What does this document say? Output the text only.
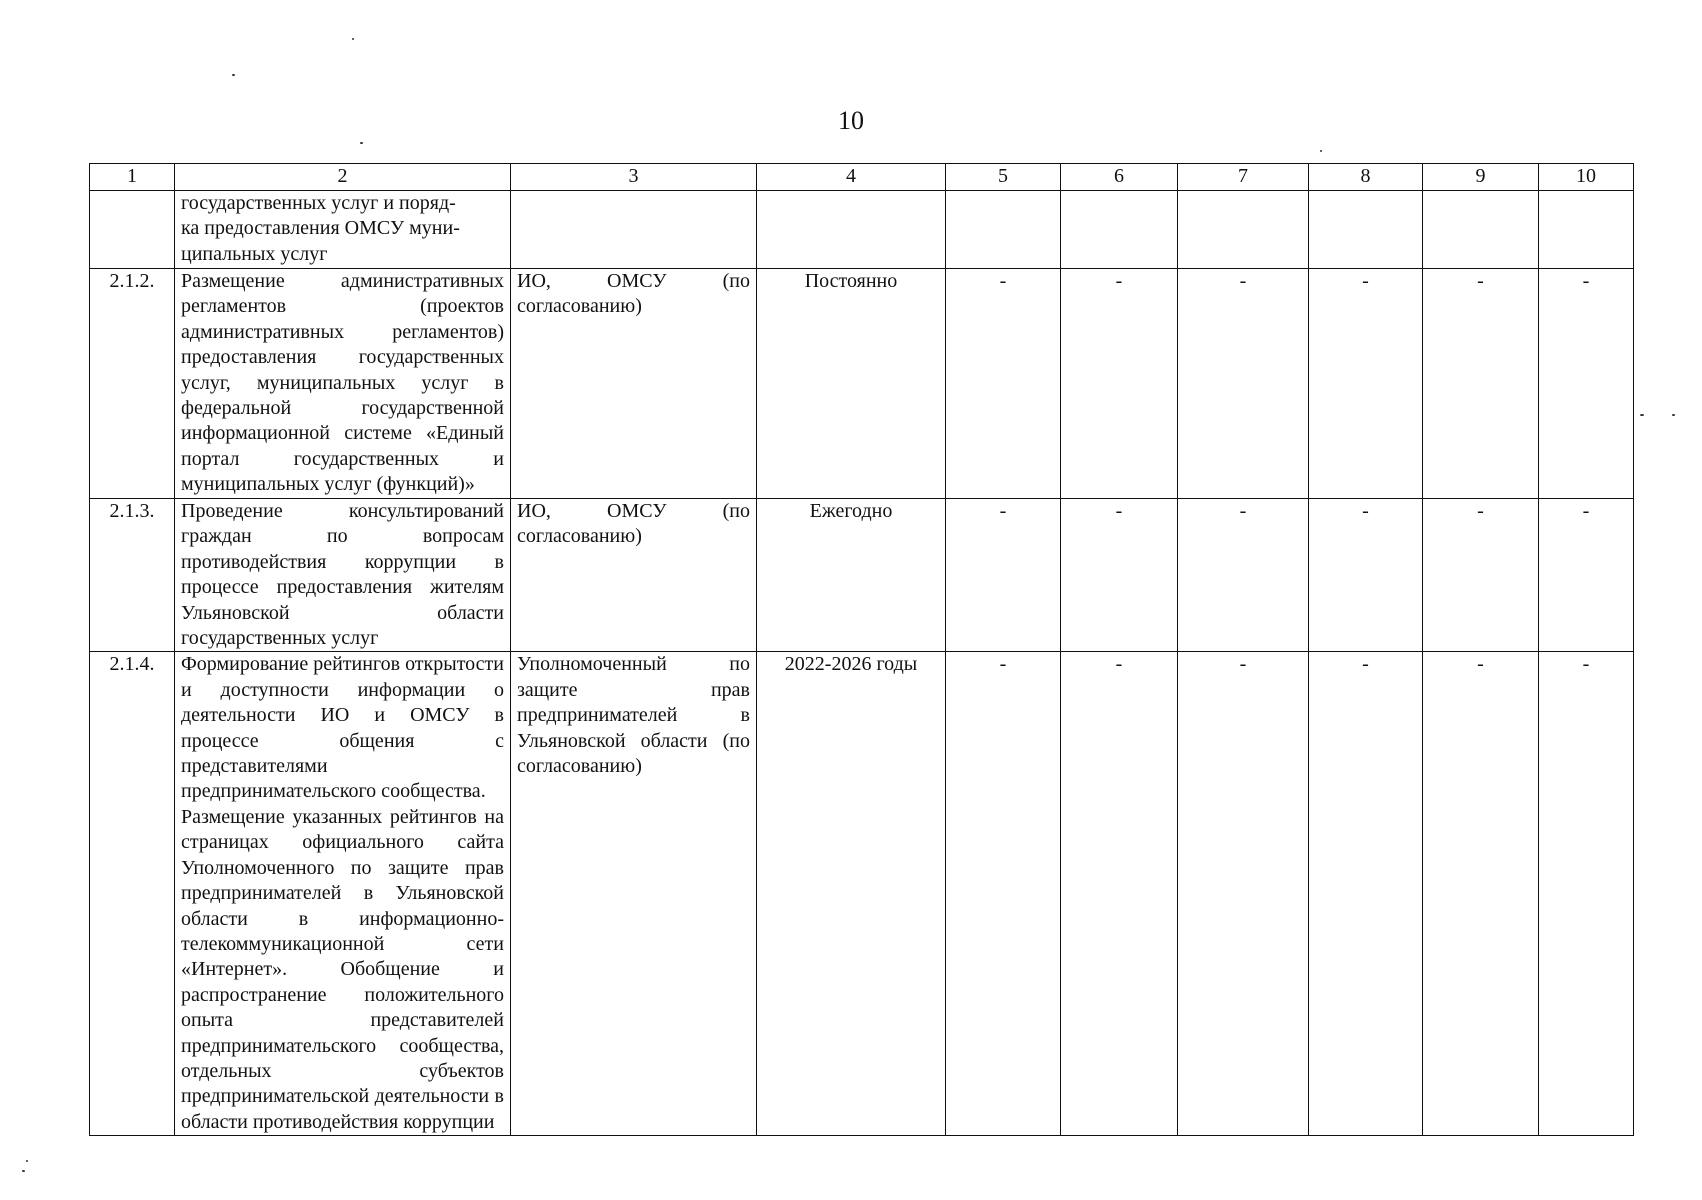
10
1	2	3	4	5	6	7	8	9	10
	государственных услуг и поряд-
ка предоставления ОМСУ муни-
ципальных услуг								
2.1.2.	Размещение административных регламентов (проектов административных регламентов) предоставления государственных услуг, муниципальных услуг в федеральной государственной информационной системе «Единый портал государственных и муниципальных услуг (функций)»	ИО, ОМСУ (по согласованию)	Постоянно	-	-	-	-	-	-
2.1.3.	Проведение консультирований граждан по вопросам противодействия коррупции в процессе предоставления жителям Ульяновской области государственных услуг	ИО, ОМСУ (по согласованию)	Ежегодно	-	-	-	-	-	-
2.1.4.	Формирование рейтингов открытости и доступности информации о деятельности ИО и ОМСУ в процессе общения с представителями предпринимательского сообщества.
Размещение указанных рейтингов на страницах официального сайта Уполномоченного по защите прав предпринимателей в Ульяновской области в информационно-телекоммуникационной сети «Интернет». Обобщение и распространение положительного опыта представителей предпринимательского сообщества, отдельных субъектов предпринимательской деятельности в области противодействия коррупции	Уполномоченный по защите прав предпринимателей в Ульяновской области (по согласованию)	2022-2026 годы	-	-	-	-	-	-
